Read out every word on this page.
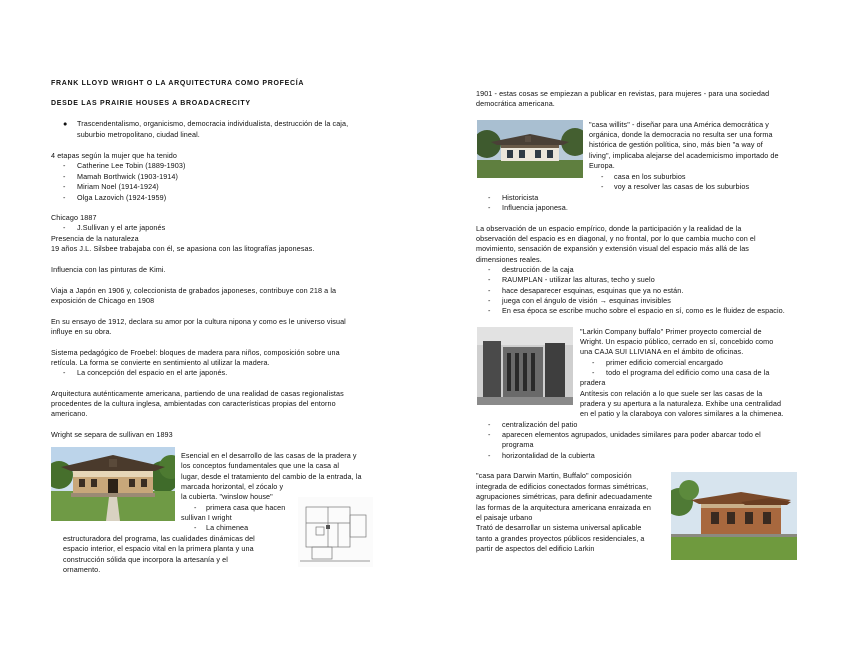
FRANK LLOYD WRIGHT O LA ARQUITECTURA COMO PROFECÍA
DESDE LAS PRAIRIE HOUSES A BROADACRECITY
● Trascendentalismo, organicismo, democracia individualista, destrucción de la caja,
suburbio metropolitano, ciudad lineal.
4 etapas según la mujer que ha tenido
- Catherine Lee Tobin (1889-1903)
- Mamah Borthwick (1903-1914)
- Miriam Noel (1914-1924)
- Olga Lazovich (1924-1959)
Chicago 1887
- J.Sullivan y el arte japonés
Presencia de la naturaleza
19 años J.L. Silsbee trabajaba con él, se apasiona con las litografías japonesas.
Influencia con las pinturas de Kimi.
Viaja a Japón en 1906 y, coleccionista de grabados japoneses, contribuye con 218 a la
exposición de Chicago en 1908
En su ensayo de 1912, declara su amor por la cultura nipona y como es le universo visual
influye en su obra.
Sistema pedagógico de Froebel: bloques de madera para niños, composición sobre una
retícula. La forma se convierte en sentimiento al utilizar la madera.
- La concepción del espacio en el arte japonés.
Arquitectura auténticamente americana, partiendo de una realidad de casas regionalistas
procedentes de la cultura inglesa, ambientadas con características propias del entorno
americano.
Wright se separa de sullivan en 1893
Esencial en el desarrollo de las casas de la pradera y
los conceptos fundamentales que une la casa al
lugar, desde el tratamiento del cambio de la entrada, la
marcada horizontal, el zócalo y
la cubierta. "winslow house"
- primera casa que hacen
sullivan I wright
- La chimenea
estructuradora del programa, las cualidades dinámicas del
espacio interior, el espacio vital en la primera planta y una
construcción sólida que incorpora la artesanía y el
ornamento.
1901 - estas cosas se empiezan a publicar en revistas, para mujeres - para una sociedad
democrática americana.
"casa willits" - diseñar para una América democrática y
orgánica, donde la democracia no resulta ser una forma
histórica de gestión política, sino, más bien "a way of
living", implicaba alejarse del academicismo importado de
Europa.
- casa en los suburbios
- voy a resolver las casas de los suburbios
- Historicista
- Influencia japonesa.
La observación de un espacio empírico, donde la participación y la realidad de la
observación del espacio es en diagonal, y no frontal, por lo que cambia mucho con el
movimiento, sensación de expansión y extensión visual del espacio más allá de las
dimensiones reales.
- destrucción de la caja
- RAUMPLAN - utilizar las alturas, techo y suelo
- hace desaparecer esquinas, esquinas que ya no están.
- juega con el ángulo de visión → esquinas invisibles
- En esa época se escribe mucho sobre el espacio en sí, como es le fluidez de espacio.
"Larkin Company buffalo" Primer proyecto comercial de
Wright. Un espacio público, cerrado en sí, concebido como
una CAJA SUI LLIVIANA en el ámbito de oficinas.
- primer edificio comercial encargado
- todo el programa del edificio como una casa de la
pradera
Antítesis con relación a lo que suele ser las casas de la
pradera y su apertura a la naturaleza. Exhibe una centralidad
en el patio y la claraboya con valores similares a la chimenea.
- centralización del patio
- aparecen elementos agrupados, unidades similares para poder abarcar todo el
programa
- horizontalidad de la cubierta
"casa para Darwin Martin, Buffalo" composición
integrada de edificios conectados formas simétricas,
agrupaciones simétricas, para definir adecuadamente
las formas de la arquitectura americana enraizada en
el paisaje urbano
Trató de desarrollar un sistema universal aplicable
tanto a grandes proyectos públicos residenciales, a
partir de aspectos del edificio Larkin
